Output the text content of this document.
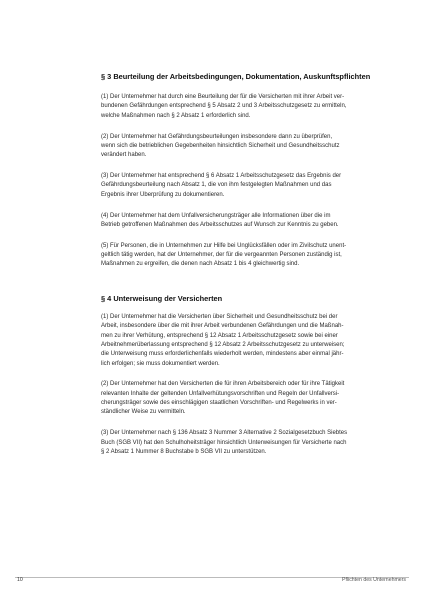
§ 3 Beurteilung der Arbeitsbedingungen, Dokumentation, Auskunftspflichten

(1) Der Unternehmer hat durch eine Beurteilung der für die Versicherten mit ihrer Arbeit ver-
bundenen Gefährdungen entsprechend § 5 Absatz 2 und 3 Arbeitsschutzgesetz zu ermitteln,
welche Maßnahmen nach § 2 Absatz 1 erforderlich sind.

(2) Der Unternehmer hat Gefährdungsbeurteilungen insbesondere dann zu überprüfen,
wenn sich die betrieblichen Gegebenheiten hinsichtlich Sicherheit und Gesundheitsschutz
verändert haben.

(3) Der Unternehmer hat entsprechend § 6 Absatz 1 Arbeitsschutzgesetz das Ergebnis der
Gefährdungsbeurteilung nach Absatz 1, die von ihm festgelegten Maßnahmen und das
Ergebnis ihrer Überprüfung zu dokumentieren.

(4) Der Unternehmer hat dem Unfallversicherungsträger alle Informationen über die im
Betrieb getroffenen Maßnahmen des Arbeitsschutzes auf Wunsch zur Kenntnis zu geben.

(5) Für Personen, die in Unternehmen zur Hilfe bei Unglücksfällen oder im Zivilschutz unent-
geltlich tätig werden, hat der Unternehmer, der für die vergeannten Personen zuständig ist,
Maßnahmen zu ergreifen, die denen nach Absatz 1 bis 4 gleichwertig sind.

§ 4 Unterweisung der Versicherten

(1) Der Unternehmer hat die Versicherten über Sicherheit und Gesundheitsschutz bei der
Arbeit, insbesondere über die mit ihrer Arbeit verbundenen Gefährdungen und die Maßnah-
men zu ihrer Verhütung, entsprechend § 12 Absatz 1 Arbeitsschutzgesetz sowie bei einer
Arbeitnehmerüberlassung entsprechend § 12 Absatz 2 Arbeitsschutzgesetz zu unterweisen;
die Unterweisung muss erforderlichenfalls wiederholt werden, mindestens aber einmal jähr-
lich erfolgen; sie muss dokumentiert werden.

(2) Der Unternehmer hat den Versicherten die für ihren Arbeitsbereich oder für ihre Tätigkeit
relevanten Inhalte der geltenden Unfallverhütungsvorschriften und Regeln der Unfallversi-
cherungsträger sowie des einschlägigen staatlichen Vorschriften- und Regelwerks in ver-
ständlicher Weise zu vermitteln.

(3) Der Unternehmer nach § 136 Absatz 3 Nummer 3 Alternative 2 Sozialgesetzbuch Siebtes
Buch (SGB VII) hat den Schulhoheitsträger hinsichtlich Unterweisungen für Versicherte nach
§ 2 Absatz 1 Nummer 8 Buchstabe b SGB VII zu unterstützen.

10	Pflichten des Unternehmers
